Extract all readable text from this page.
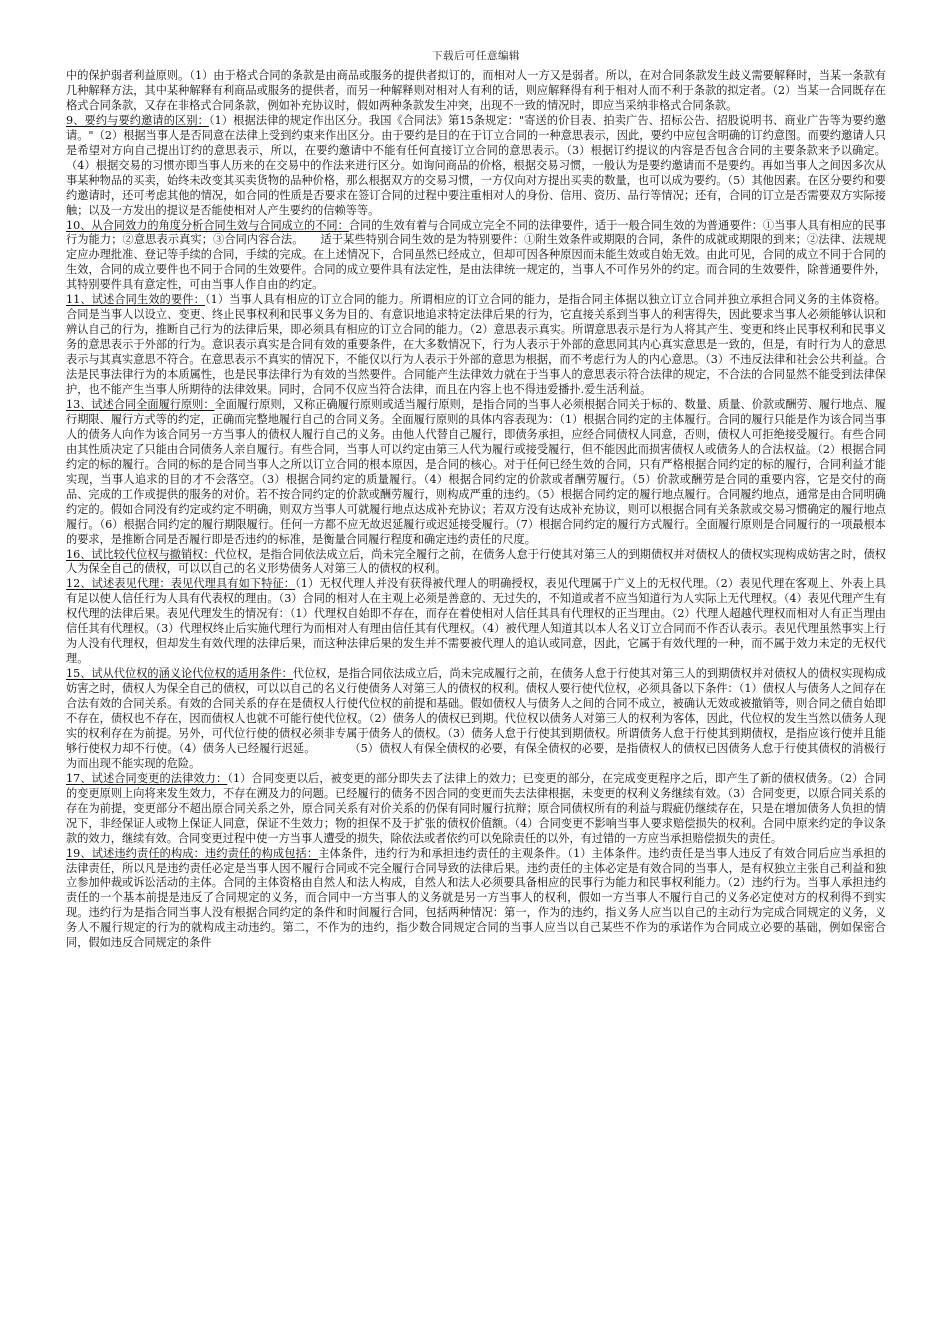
下载后可任意编辑

中的保护弱者利益原则。（1）由于格式合同的条款是由商品或服务的提供者拟订的，而相对人一方又是弱者。所以，在对合同条款发生歧义需要解释时，当某一条款有几种解释方法，其中某种解释有利商品或服务的提供者，而另一种解释则对相对人有利的话，则应解释得有利于相对人而不利于条款的拟定者。（2）当某一合同既存在格式合同条款，又存在非格式合同条款，例如补充协议时，假如两种条款发生冲突，出现不一致的情况时，即应当采纳非格式合同条款。

9、要约与要约邀请的区别：（1）根据法律的规定作出区分。我国《合同法》第15条规定："寄送的价目表、拍卖广告、招标公告、招股说明书、商业广告等为要约邀请。"（2）根据当事人是否同意在法律上受到约束来作出区分。由于要约是目的在于订立合同的一种意思表示，因此，要约中应包含明确的订约意图。而要约邀请人只是希望对方向自己提出订约的意思表示，所以，在要约邀请中不能有任何直接订立合同的意思表示。（3）根据订约提议的内容是否包含合同的主要条款来予以确定。（4）根据交易的习惯亦即当事人历来的在交易中的作法来进行区分。如询问商品的价格，根据交易习惯，一般认为是要约邀请而不是要约。再如当事人之间因多次从事某种物品的买卖，始终未改变其买卖货物的品种价格，那么根据双方的交易习惯，一方仅向对方提出买卖的数量，也可以成为要约。（5）其他因素。在区分要约和要约邀请时，还可考虑其他的情况，如合同的性质是否要求在签订合同的过程中要注重相对人的身份、信用、资历、品行等情况；还有，合同的订立是否需要双方实际接触；以及一方发出的提议是否能使相对人产生要约的信赖等等。

10、从合同效力的角度分析合同生效与合同成立的不同：合同的生效有着与合同成立完全不同的法律要件，适于一般合同生效的为普通要件：①当事人具有相应的民事行为能力；②意思表示真实；③合同内容合法。　　适于某些特别合同生效的是为特别要件：①附生效条件或期限的合同，条件的成就或期限的到来；②法律、法规规定应办理批准、登记等手续的合同，手续的完成。在上述情况下，合同虽然已经成立，但却可因各种原因而未能生效或自始无效。由此可见，合同的成立不同于合同的生效，合同的成立要件也不同于合同的生效要件。合同的成立要件具有法定性，是由法律统一规定的，当事人不可作另外的约定。而合同的生效要件，除普通要件外，其特别要件具有意定性，可由当事人作自由的约定。

11、试述合同生效的要件：（1）当事人具有相应的订立合同的能力。所谓相应的订立合同的能力，是指合同主体据以独立订立合同并独立承担合同义务的主体资格。合同是当事人以设立、变更、终止民事权利和民事义务为目的、有意识地追求特定法律后果的行为，它直接关系到当事人的利害得失，因此要求当事人必须能够认识和辨认自己的行为，推断自己行为的法律后果，即必须具有相应的订立合同的能力。（2）意思表示真实。所谓意思表示是行为人将其产生、变更和终止民事权利和民事义务的意思表示于外部的行为。意识表示真实是合同有效的重要条件，在大多数情况下，行为人表示于外部的意思同其内心真实意思是一致的，但是，有时行为人的意思表示与其真实意思不符合。在意思表示不真实的情况下，不能仅以行为人表示于外部的意思为根据，而不考虑行为人的内心意思。（3）不违反法律和社会公共利益。合法是民事法律行为的本质属性，也是民事法律行为有效的当然要件。合同能产生法律效力就在于当事人的意思表示符合法律的规定，不合法的合同显然不能受到法律保护，也不能产生当事人所期待的法律效果。同时，合同不仅应当符合法律，而且在内容上也不得违爱播扑.爱生活利益。

13、试述合同全面履行原则：全面履行原则，又称正确履行原则或适当履行原则，是指合同的当事人必须根据合同关于标的、数量、质量、价款或酬劳、履行地点、履行期限、履行方式等的约定，正确而完整地履行自己的合同义务。全面履行原则的具体内容表现为：（1）根据合同约定的主体履行。合同的履行只能是作为该合同当事人的债务人向作为该合同另一方当事人的债权人履行自己的义务。由他人代替自己履行，即债务承担，应经合同债权人同意，否则，债权人可拒绝接受履行。有些合同由其性质决定了只能由合同债务人亲自履行。有些合同，当事人可以约定由第三人代为履行或接受履行，但不能因此而损害债权人或债务人的合法权益。（2）根据合同约定的标的履行。合同的标的是合同当事人之所以订立合同的根本原因，是合同的核心。对于任何已经生效的合同，只有严格根据合同约定的标的履行，合同利益才能实现，当事人追求的目的才不会落空。（3）根据合同约定的质量履行。（4）根据合同约定的价款或者酬劳履行。（5）价款或酬劳是合同的重要内容，它是交付的商品、完成的工作或提供的服务的对价。若不按合同约定的价款或酬劳履行，则构成严重的违约。（5）根据合同约定的履行地点履行。合同履约地点，通常是由合同明确约定的。假如合同没有约定或约定不明确，则双方当事人可就履行地点达成补充协议；若双方没有达成补充协议，则可以根据合同有关条款或交易习惯确定的履行地点履行。（6）根据合同约定的履行期限履行。任何一方都不应无故迟延履行或迟延接受履行。（7）根据合同约定的履行方式履行。全面履行原则是合同履行的一项最根本的要求，是推断合同是否履行即是否违约的标准，是衡量合同履行程度和确定违约责任的尺度。

16、试比较代位权与撤销权：代位权，是指合同依法成立后，尚未完全履行之前，在债务人怠于行使其对第三人的到期债权并对债权人的债权实现构成妨害之时，债权人为保全自己的债权，可以以自己的名义形势债务人对第三人的债权的权利。

12、试述表见代理：表见代理具有如下特征：（1）无权代理人并没有获得被代理人的明确授权，表见代理属于广义上的无权代理。（2）表见代理在客观上、外表上具有足以使人信任行为人具有代表权的理由。（3）合同的相对人在主观上必须是善意的、无过失的，不知道或者不应当知道行为人实际上无代理权。（4）表见代理产生有权代理的法律后果。表见代理发生的情况有：（1）代理权自始即不存在，而存在着使相对人信任其具有代理权的正当理由。（2）代理人超越代理权而相对人有正当理由信任其有代理权。（3）代理权终止后实施代理行为而相对人有理由信任其有代理权。（4）被代理人知道其以本人名义订立合同而不作否认表示。表见代理虽然事实上行为人没有代理权，但却发生有效代理的法律后果，而这种法律后果的发生并不需要被代理人的追认或同意，因此，它属于有效代理的一种，而不属于效力未定的无权代理。

15、试从代位权的涵义论代位权的适用条件：代位权，是指合同依法成立后，尚未完成履行之前，在债务人怠于行使其对第三人的到期债权并对债权人的债权实现构成妨害之时，债权人为保全自己的债权，可以以自己的名义行使债务人对第三人的债权的权利。债权人要行使代位权，必须具备以下条件：（1）债权人与债务人之间存在合法有效的合同关系。有效的合同关系的存在是债权人行使代位权的前提和基础。假如债权人与债务人之间的合同不成立，被确认无效或被撤销等，则合同之债自始即不存在，债权也不存在，因而债权人也就不可能行使代位权。（2）债务人的债权已到期。代位权以债务人对第三人的权利为客体，因此，代位权的发生当然以债务人现实的权利存在为前提。另外，可代位行使的债权必须非专属于债务人的债权。（3）债务人怠于行使其到期债权。所谓债务人怠于行使其到期债权，是指应该行使并且能够行使权力却不行使。（4）债务人已经履行迟延。　　　　（5）债权人有保全债权的必要，有保全债权的必要，是指债权人的债权已因债务人怠于行使其债权的消极行为而出现不能实现的危险。

17、试述合同变更的法律效力：（1）合同变更以后，被变更的部分即失去了法律上的效力；已变更的部分，在完成变更程序之后，即产生了新的债权债务。（2）合同的变更原则上向将来发生效力，不存在溯及力的问题。已经履行的债务不因合同的变更而失去法律根据，未变更的权利义务继续有效。（3）合同变更，以原合同关系的存在为前提，变更部分不超出原合同关系之外，原合同关系有对价关系的仍保有同时履行抗辩；原合同债权所有的利益与瑕疵仍继续存在，只是在增加债务人负担的情况下，非经保证人或物上保证人同意，保证不生效力；物的担保不及于扩张的债权价值额。（4）合同变更不影响当事人要求赔偿损失的权利。合同中原来约定的争议条款的效力，继续有效。合同变更过程中使一方当事人遭受的损失，除依法或者依约可以免除责任的以外，有过错的一方应当承担赔偿损失的责任。

19、试述违约责任的构成：违约责任的构成包括：主体条件，违约行为和承担违约责任的主观条件。（1）主体条件。违约责任是当事人违反了有效合同后应当承担的法律责任，所以凡是违约责任必定是当事人因不履行合同或不完全履行合同导致的法律后果。违约责任的主体必定是有效合同的当事人，是有权独立主张自己利益和独立参加仲裁或诉讼活动的主体。合同的主体资格由自然人和法人构成，自然人和法人必须要具备相应的民事行为能力和民事权利能力。（2）违约行为。当事人承担违约责任的一个基本前提是违反了合同规定的义务，而合同中一方当事人的义务就是另一方当事人的权利，假如一方当事人不履行自己的义务必定使对方的权利得不到实现。违约行为是指合同当事人没有根据合同约定的条件和时间履行合同，包括两种情况：第一，作为的违约，指义务人应当以自己的主动行为完成合同规定的义务，义务人不履行规定的行为的就构成主动违约。第二，不作为的违约，指少数合同规定合同的当事人应当以自己某些不作为的承诺作为合同成立必要的基础，例如保密合同，假如违反合同规定的条件
